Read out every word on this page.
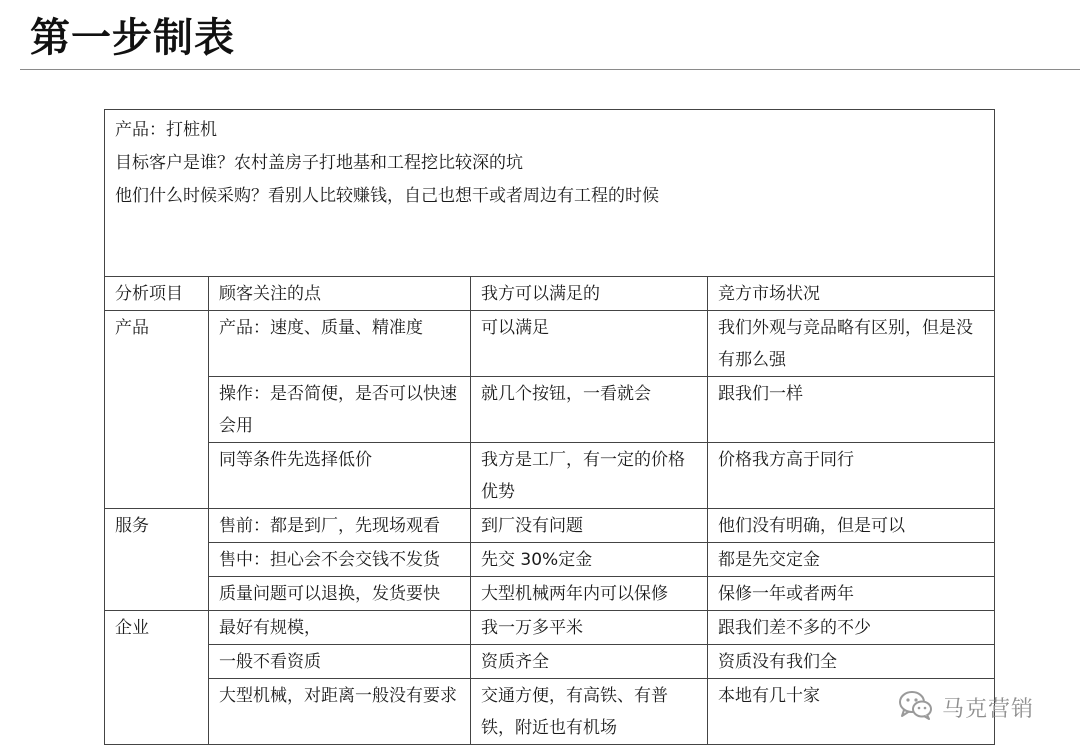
第一步制表
产品：打桩机
目标客户是谁？农村盖房子打地基和工程挖比较深的坑
他们什么时候采购？看别人比较赚钱，自己也想干或者周边有工程的时候			

分析项目	顾客关注的点	我方可以满足的	竞方市场状况
产品	产品：速度、质量、精准度	可以满足	我们外观与竞品略有区别，但是没有那么强
	操作：是否简便，是否可以快速会用	就几个按钮，一看就会	跟我们一样
	同等条件先选择低价	我方是工厂，有一定的价格优势	价格我方高于同行
服务	售前：都是到厂，先现场观看	到厂没有问题	他们没有明确，但是可以
	售中：担心会不会交钱不发货	先交 30%定金	都是先交定金
	质量问题可以退换，发货要快	大型机械两年内可以保修	保修一年或者两年
企业	最好有规模，	我一万多平米	跟我们差不多的不少
	一般不看资质	资质齐全	资质没有我们全
	大型机械，对距离一般没有要求	交通方便，有高铁、有普铁，附近也有机场	本地有几十家
马克营销
